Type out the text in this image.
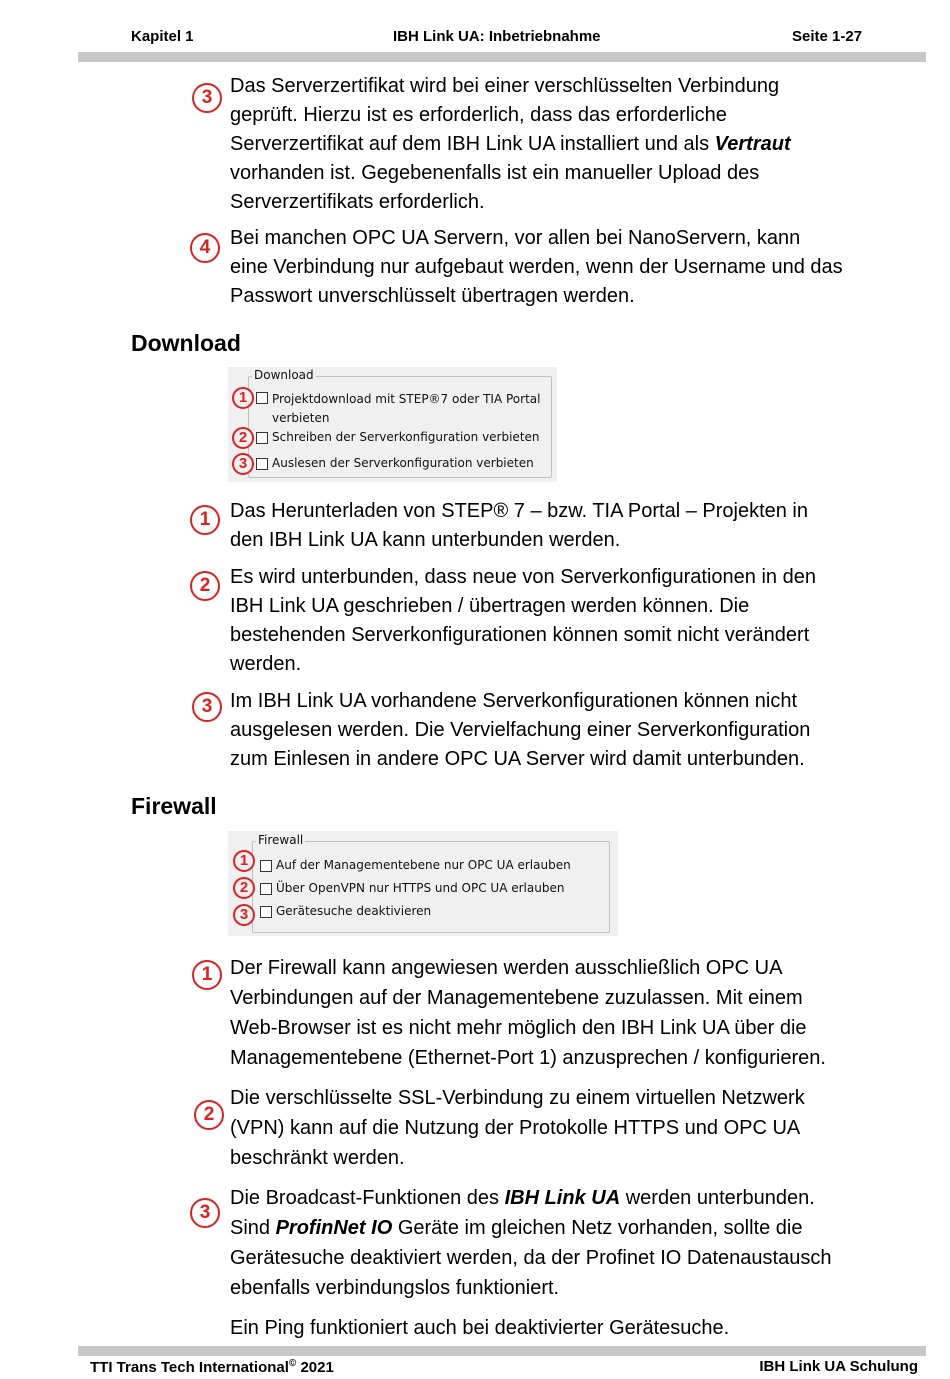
Kapitel 1	IBH Link UA: Inbetriebnahme	Seite 1-27
3

Das Serverzertifikat wird bei einer verschlüsselten Verbindung
geprüft. Hierzu ist es erforderlich, dass das erforderliche
Serverzertifikat auf dem IBH Link UA installiert und als Vertraut
vorhanden ist. Gegebenenfalls ist ein manueller Upload des
Serverzertifikats erforderlich.

4 Bei manchen OPC UA Servern, vor allen bei NanoServern, kann
eine Verbindung nur aufgebaut werden, wenn der Username und das
Passwort unverschlüsselt übertragen werden.

Download
Download
1	Projektdownload mit STEP®7 oder TIA Portal
verbieten
2	Schreiben der Serverkonfiguration verbieten
3	Auslesen der Serverkonfiguration verbieten
1 Das Herunterladen von STEP® 7 – bzw. TIA Portal – Projekten in
den IBH Link UA kann unterbunden werden.

2 Es wird unterbunden, dass neue von Serverkonfigurationen in den
IBH Link UA geschrieben / übertragen werden können. Die
bestehenden Serverkonfigurationen können somit nicht verändert
werden.

3 Im IBH Link UA vorhandene Serverkonfigurationen können nicht
ausgelesen werden. Die Vervielfachung einer Serverkonfiguration
zum Einlesen in andere OPC UA Server wird damit unterbunden.

Firewall
Firewall
1	Auf der Managementebene nur OPC UA erlauben
2	Über OpenVPN nur HTTPS und OPC UA erlauben
3	Gerätesuche deaktivieren
1 Der Firewall kann angewiesen werden ausschließlich OPC UA
Verbindungen auf der Managementebene zuzulassen. Mit einem
Web-Browser ist es nicht mehr möglich den IBH Link UA über die
Managementebene (Ethernet-Port 1) anzusprechen / konfigurieren.

2

Die verschlüsselte SSL-Verbindung zu einem virtuellen Netzwerk
(VPN) kann auf die Nutzung der Protokolle HTTPS und OPC UA
beschränkt werden.

3

Die Broadcast-Funktionen des IBH Link UA werden unterbunden.
Sind ProfinNet IO Geräte im gleichen Netz vorhanden, sollte die
Gerätesuche deaktiviert werden, da der Profinet IO Datenaustausch
ebenfalls verbindungslos funktioniert.

Ein Ping funktioniert auch bei deaktivierter Gerätesuche.

TTI Trans Tech International© 2021	IBH Link UA Schulung
